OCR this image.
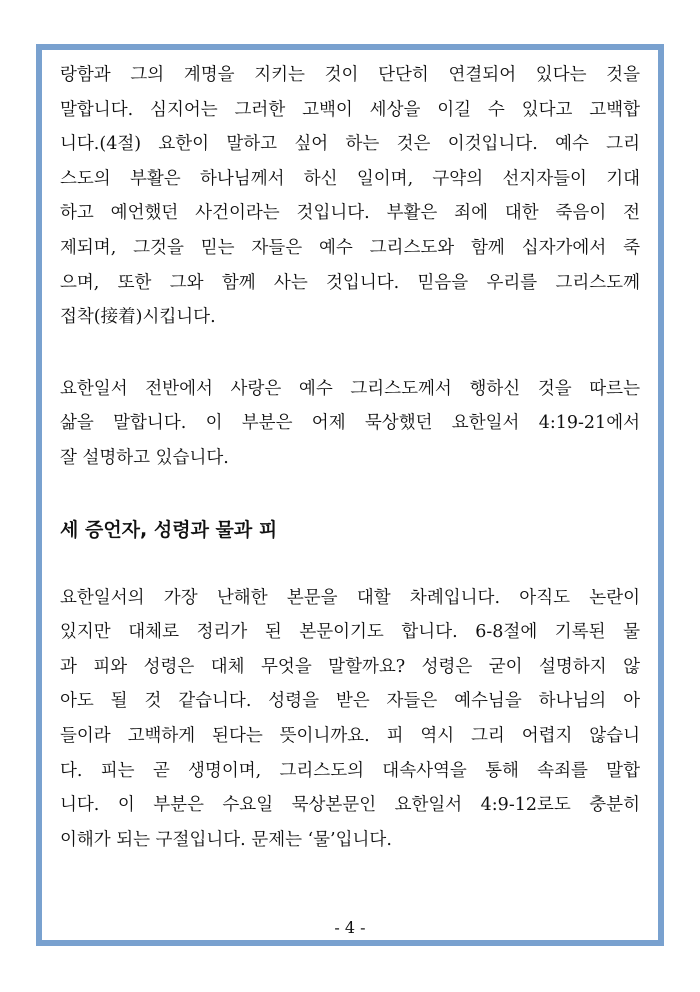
랑함과 그의 계명을 지키는 것이 단단히 연결되어 있다는 것을
말합니다. 심지어는 그러한 고백이 세상을 이길 수 있다고 고백합
니다.(4절) 요한이 말하고 싶어 하는 것은 이것입니다. 예수 그리
스도의 부활은 하나님께서 하신 일이며, 구약의 선지자들이 기대
하고 예언했던 사건이라는 것입니다. 부활은 죄에 대한 죽음이 전
제되며, 그것을 믿는 자들은 예수 그리스도와 함께 십자가에서 죽
으며, 또한 그와 함께 사는 것입니다. 믿음을 우리를 그리스도께
접착(接着)시킵니다.
요한일서 전반에서 사랑은 예수 그리스도께서 행하신 것을 따르는
삶을 말합니다. 이 부분은 어제 묵상했던 요한일서 4:19-21에서
잘 설명하고 있습니다.
세 증언자, 성령과 물과 피
요한일서의 가장 난해한 본문을 대할 차례입니다. 아직도 논란이
있지만 대체로 정리가 된 본문이기도 합니다. 6-8절에 기록된 물
과 피와 성령은 대체 무엇을 말할까요? 성령은 굳이 설명하지 않
아도 될 것 같습니다. 성령을 받은 자들은 예수님을 하나님의 아
들이라 고백하게 된다는 뜻이니까요. 피 역시 그리 어렵지 않습니
다. 피는 곧 생명이며, 그리스도의 대속사역을 통해 속죄를 말합
니다. 이 부분은 수요일 묵상본문인 요한일서 4:9-12로도 충분히
이해가 되는 구절입니다. 문제는 ‘물’입니다.
- 4 -
